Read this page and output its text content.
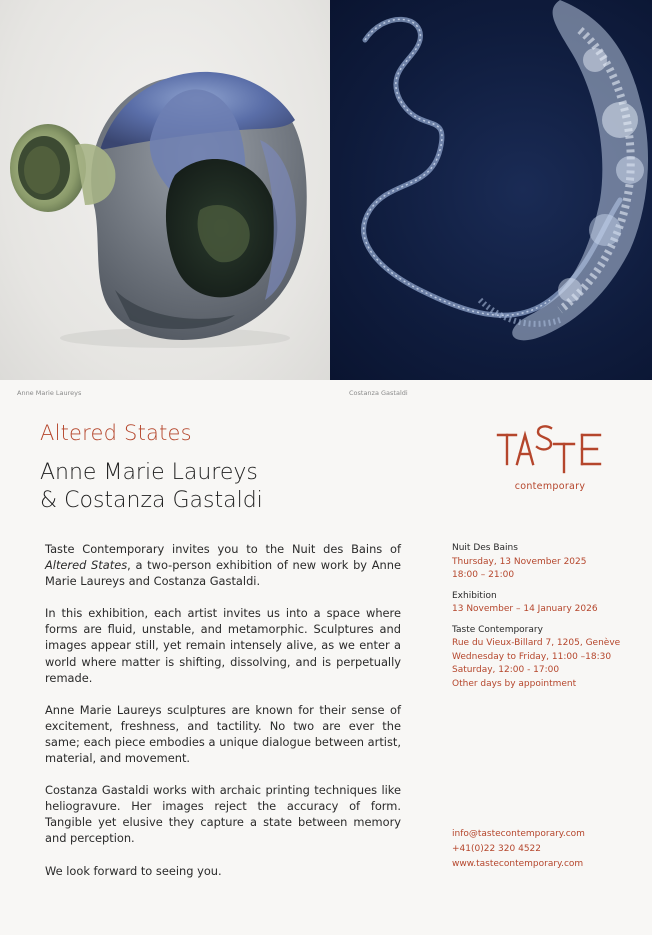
Anne Marie Laureys	Costanza Gastaldi
Altered States
Anne Marie Laureys
& Costanza Gastaldi
contemporary

Taste Contemporary invites you to the Nuit des Bains of Altered States, a two-person exhibition of new work by Anne Marie Laureys and Costanza Gastaldi.

In this exhibition, each artist invites us into a space where forms are fluid, unstable, and metamorphic. Sculptures and images appear still, yet remain intensely alive, as we enter a world where matter is shifting, dissolving, and is perpetually remade.

Anne Marie Laureys sculptures are known for their sense of excitement, freshness, and tactility. No two are ever the same; each piece embodies a unique dialogue between artist, material, and movement.

Costanza Gastaldi works with archaic printing techniques like heliogravure. Her images reject the accuracy of form. Tangible yet elusive they capture a state between memory and perception.

We look forward to seeing you.

Nuit Des Bains
Thursday, 13 November 2025
18:00 – 21:00
Exhibition
13 November – 14 January 2026
Taste Contemporary
Rue du Vieux-Billard 7, 1205, Genève
Wednesday to Friday, 11:00 –18:30
Saturday, 12:00 - 17:00
Other days by appointment
info@tastecontemporary.com
+41(0)22 320 4522
www.tastecontemporary.com
